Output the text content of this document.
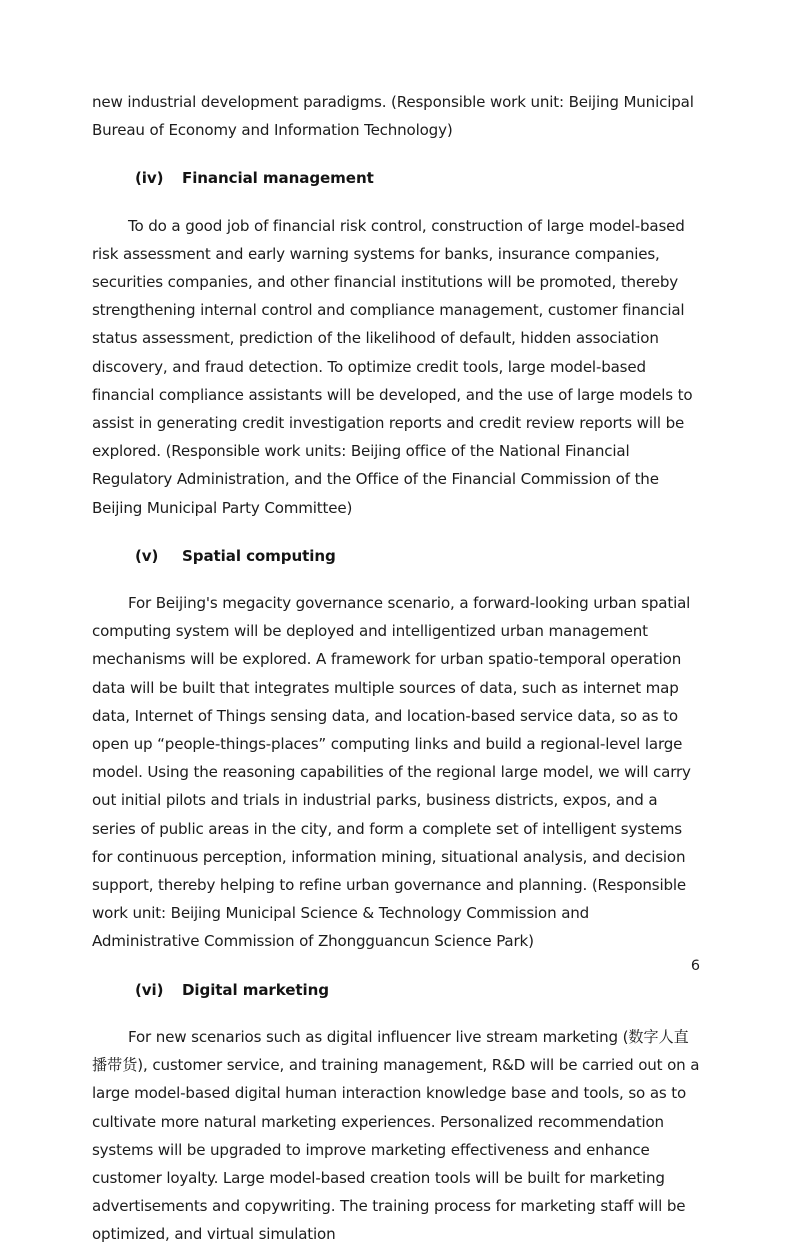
new industrial development paradigms. (Responsible work unit: Beijing Municipal Bureau of Economy and Information Technology)

(iv) Financial management

To do a good job of financial risk control, construction of large model-based risk assessment and early warning systems for banks, insurance companies, securities companies, and other financial institutions will be promoted, thereby strengthening internal control and compliance management, customer financial status assessment, prediction of the likelihood of default, hidden association discovery, and fraud detection. To optimize credit tools, large model-based financial compliance assistants will be developed, and the use of large models to assist in generating credit investigation reports and credit review reports will be explored. (Responsible work units: Beijing office of the National Financial Regulatory Administration, and the Office of the Financial Commission of the Beijing Municipal Party Committee)

(v) Spatial computing

For Beijing's megacity governance scenario, a forward-looking urban spatial computing system will be deployed and intelligentized urban management mechanisms will be explored. A framework for urban spatio-temporal operation data will be built that integrates multiple sources of data, such as internet map data, Internet of Things sensing data, and location-based service data, so as to open up “people-things-places” computing links and build a regional-level large model. Using the reasoning capabilities of the regional large model, we will carry out initial pilots and trials in industrial parks, business districts, expos, and a series of public areas in the city, and form a complete set of intelligent systems for continuous perception, information mining, situational analysis, and decision support, thereby helping to refine urban governance and planning. (Responsible work unit: Beijing Municipal Science & Technology Commission and Administrative Commission of Zhongguancun Science Park)

(vi) Digital marketing

For new scenarios such as digital influencer live stream marketing (数字人直播带货), customer service, and training management, R&D will be carried out on a large model-based digital human interaction knowledge base and tools, so as to cultivate more natural marketing experiences. Personalized recommendation systems will be upgraded to improve marketing effectiveness and enhance customer loyalty. Large model-based creation tools will be built for marketing advertisements and copywriting. The training process for marketing staff will be optimized, and virtual simulation

6
